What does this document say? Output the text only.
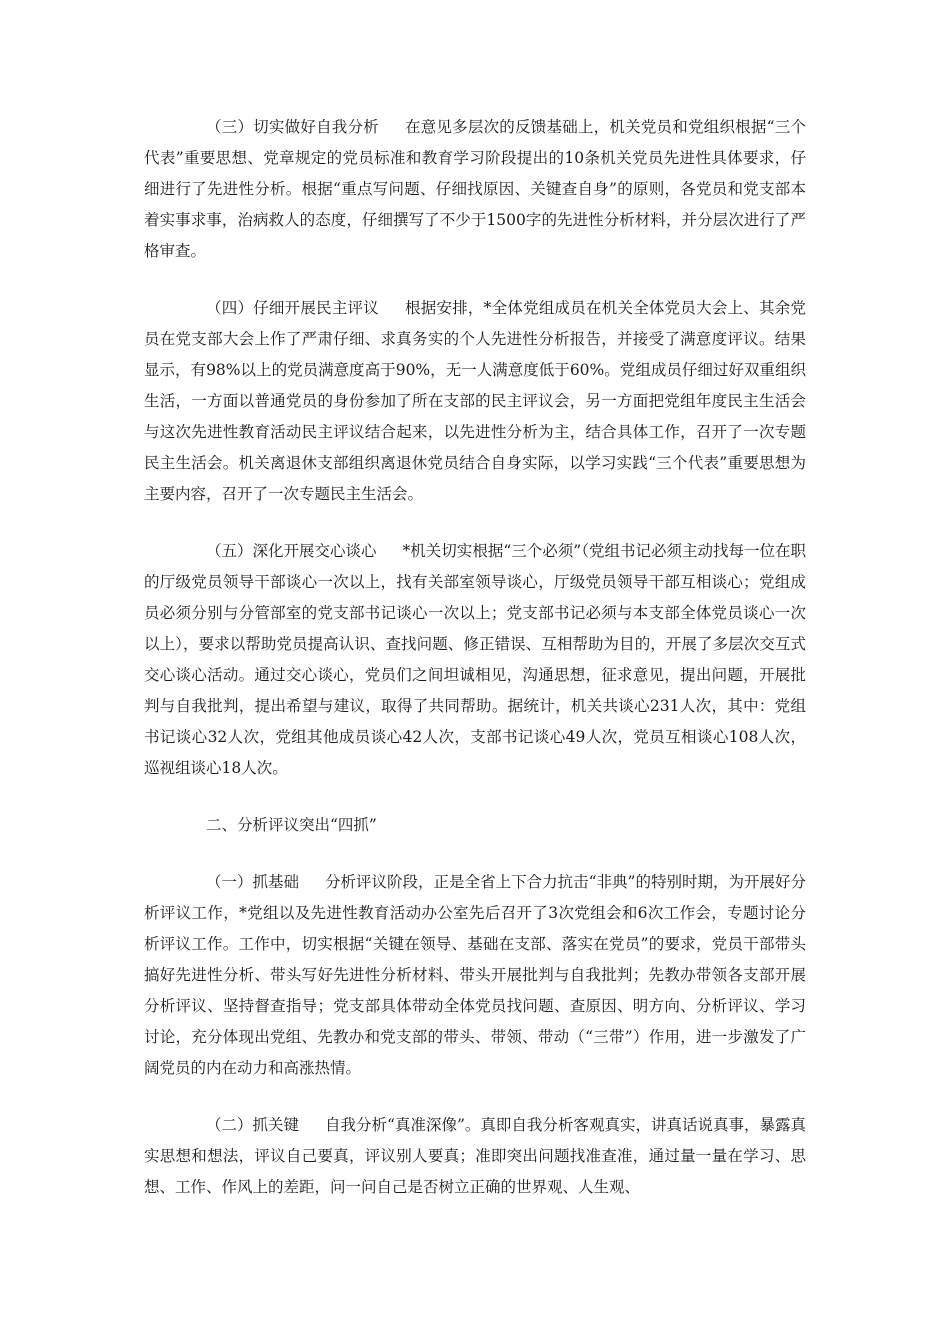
（三）切实做好自我分析 在意见多层次的反馈基础上，机关党员和党组织根据“三个代表”重要思想、党章规定的党员标准和教育学习阶段提出的10条机关党员先进性具体要求，仔细进行了先进性分析。根据“重点写问题、仔细找原因、关键查自身”的原则，各党员和党支部本着实事求事，治病救人的态度，仔细撰写了不少于1500字的先进性分析材料，并分层次进行了严格审查。

（四）仔细开展民主评议 根据安排，*全体党组成员在机关全体党员大会上、其余党员在党支部大会上作了严肃仔细、求真务实的个人先进性分析报告，并接受了满意度评议。结果显示，有98%以上的党员满意度高于90%，无一人满意度低于60%。党组成员仔细过好双重组织生活，一方面以普通党员的身份参加了所在支部的民主评议会，另一方面把党组年度民主生活会与这次先进性教育活动民主评议结合起来，以先进性分析为主，结合具体工作，召开了一次专题民主生活会。机关离退休支部组织离退休党员结合自身实际，以学习实践“三个代表”重要思想为主要内容，召开了一次专题民主生活会。

（五）深化开展交心谈心 *机关切实根据“三个必须”（党组书记必须主动找每一位在职的厅级党员领导干部谈心一次以上，找有关部室领导谈心，厅级党员领导干部互相谈心；党组成员必须分别与分管部室的党支部书记谈心一次以上；党支部书记必须与本支部全体党员谈心一次以上），要求以帮助党员提高认识、查找问题、修正错误、互相帮助为目的，开展了多层次交互式交心谈心活动。通过交心谈心，党员们之间坦诚相见，沟通思想，征求意见，提出问题，开展批判与自我批判，提出希望与建议，取得了共同帮助。据统计，机关共谈心231人次，其中：党组书记谈心32人次，党组其他成员谈心42人次，支部书记谈心49人次，党员互相谈心108人次，巡视组谈心18人次。

二、分析评议突出“四抓”

（一）抓基础 分析评议阶段，正是全省上下合力抗击“非典”的特别时期，为开展好分析评议工作，*党组以及先进性教育活动办公室先后召开了3次党组会和6次工作会，专题讨论分析评议工作。工作中，切实根据“关键在领导、基础在支部、落实在党员”的要求，党员干部带头搞好先进性分析、带头写好先进性分析材料、带头开展批判与自我批判；先教办带领各支部开展分析评议、坚持督查指导；党支部具体带动全体党员找问题、查原因、明方向、分析评议、学习讨论，充分体现出党组、先教办和党支部的带头、带领、带动（“三带”）作用，进一步激发了广阔党员的内在动力和高涨热情。

（二）抓关键 自我分析“真准深像”。真即自我分析客观真实，讲真话说真事，暴露真实思想和想法，评议自己要真，评议别人要真；准即突出问题找准查准，通过量一量在学习、思想、工作、作风上的差距，问一问自己是否树立正确的世界观、人生观、
